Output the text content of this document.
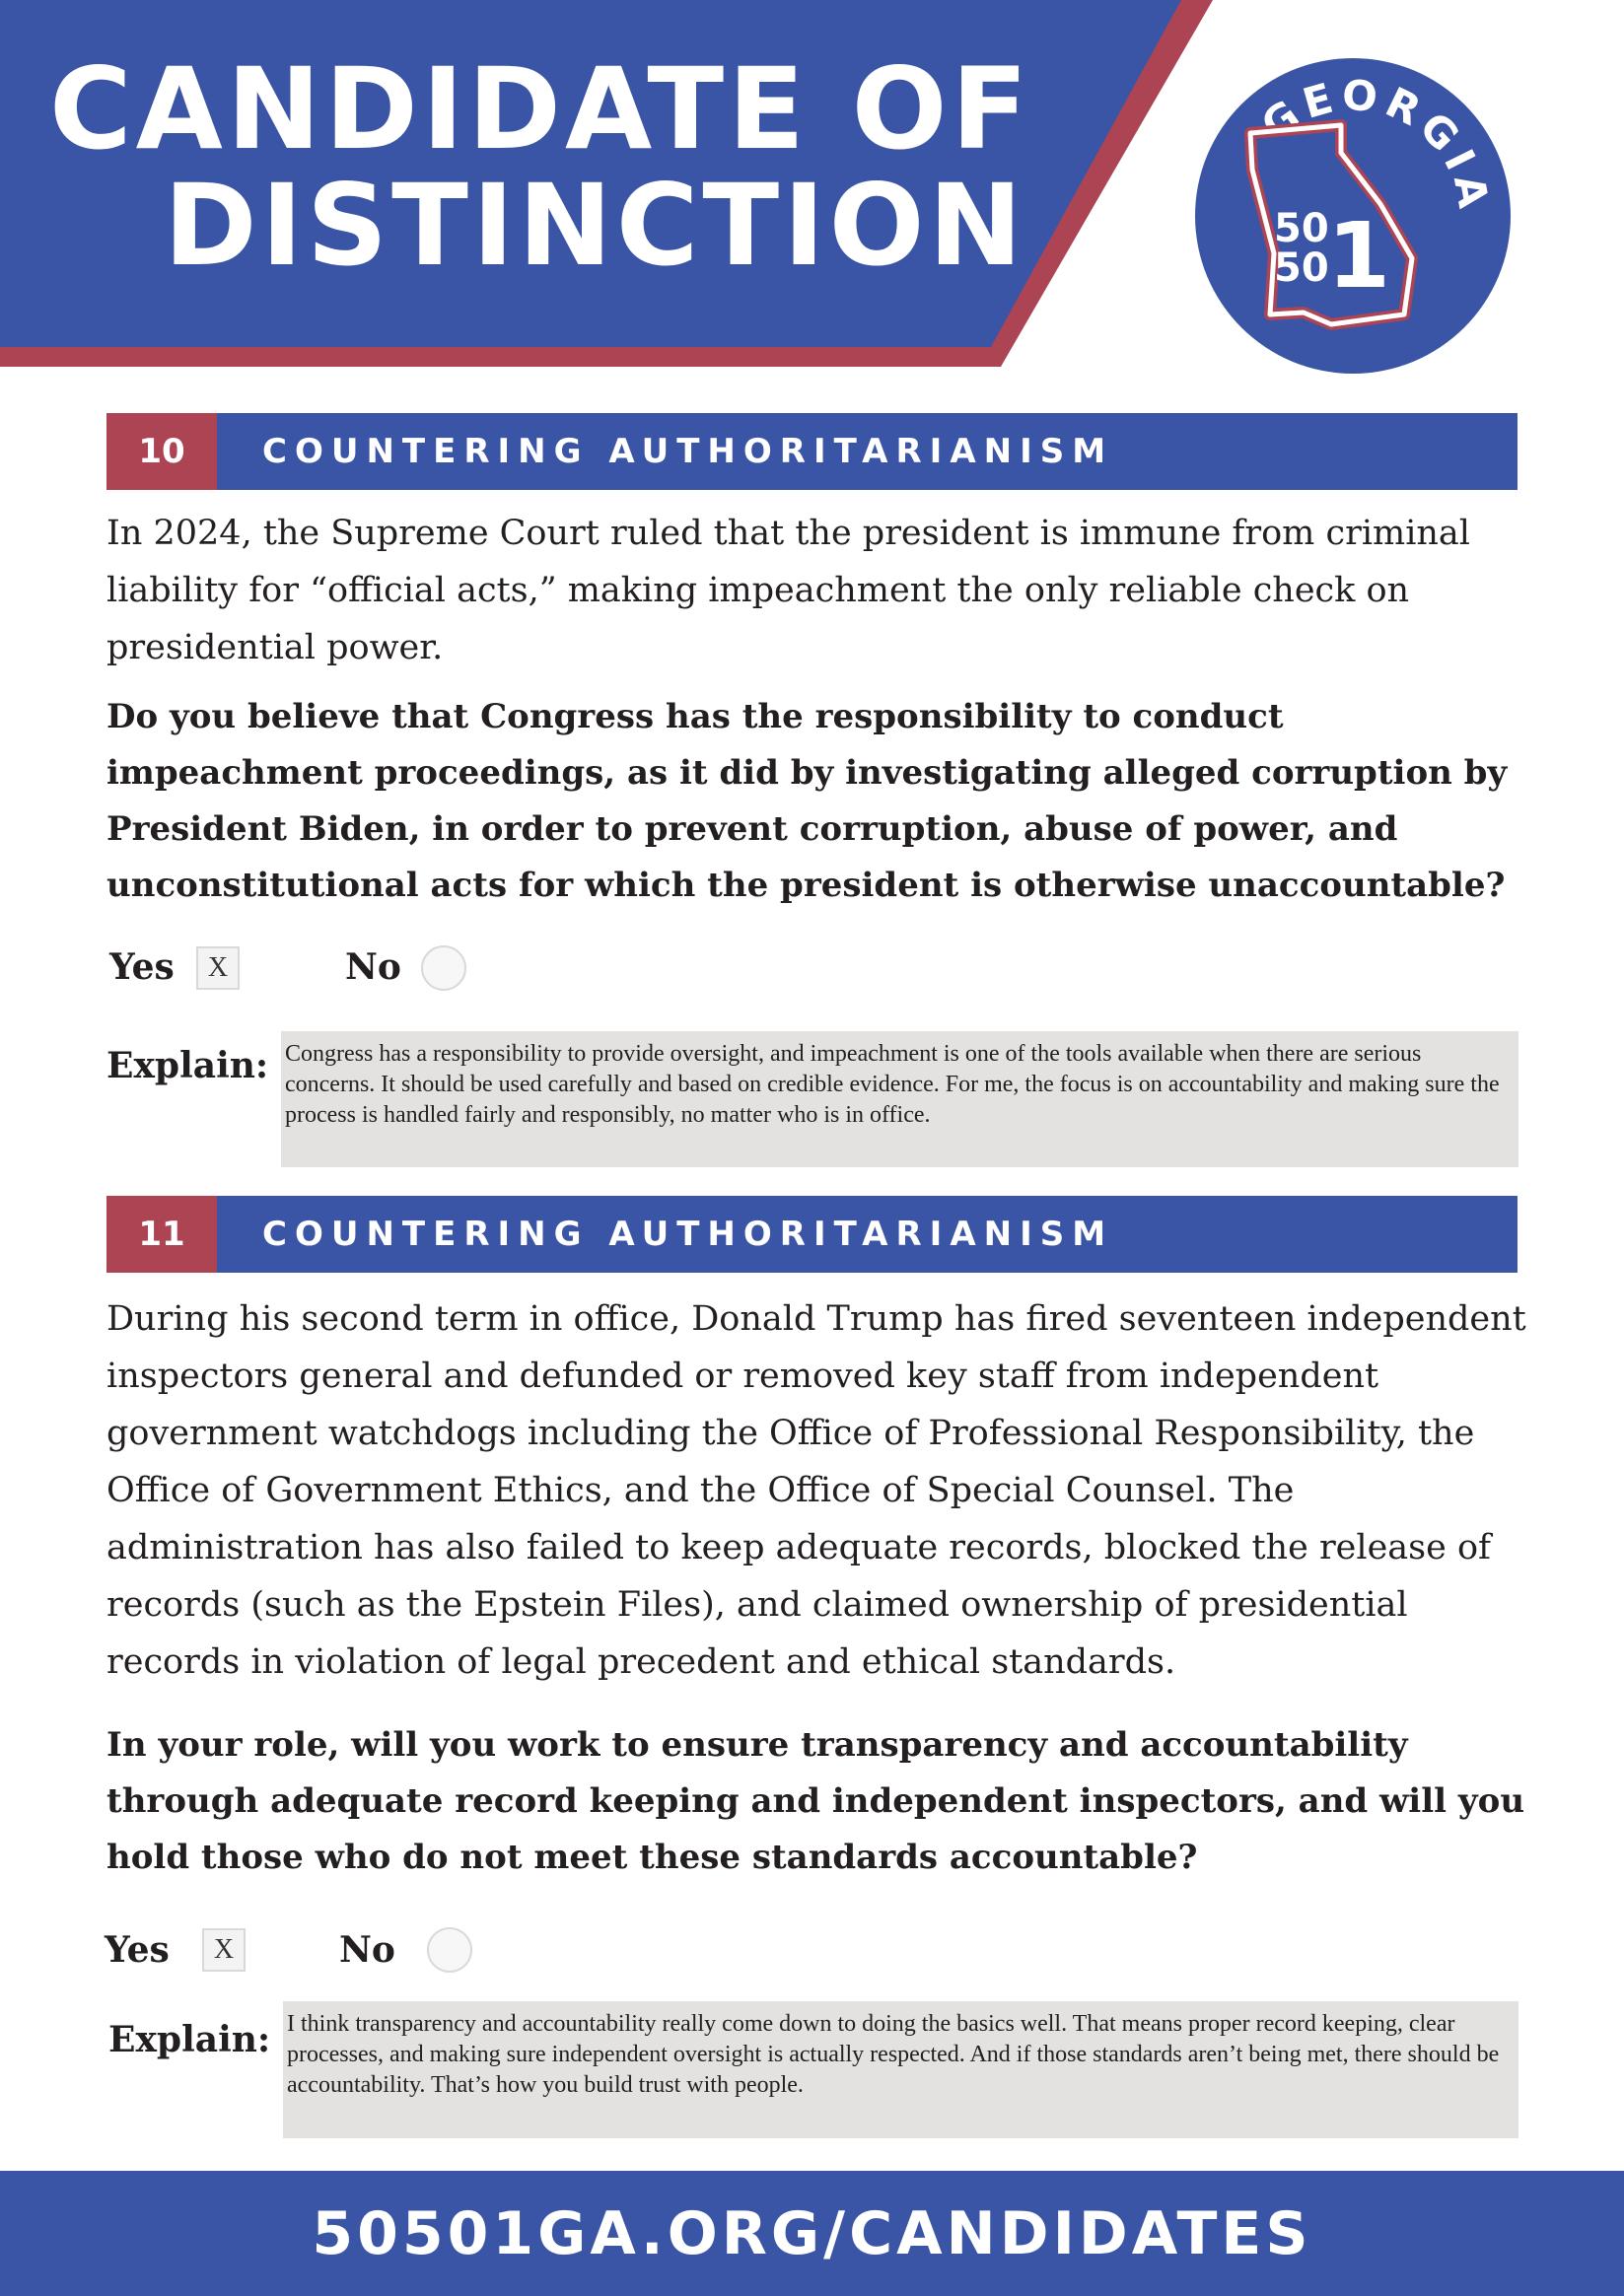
CANDIDATE OF
DISTINCTION
GEORGIA
50
50
1
10	COUNTERING AUTHORITARIANISM
In 2024, the Supreme Court ruled that the president is immune from criminal liability for “official acts,” making impeachment the only reliable check on presidential power.
Do you believe that Congress has the responsibility to conduct impeachment proceedings, as it did by investigating alleged corruption by President Biden, in order to prevent corruption, abuse of power, and unconstitutional acts for which the president is otherwise unaccountable?
Yes	X	No
Explain: Congress has a responsibility to provide oversight, and impeachment is one of the tools available when there are serious concerns. It should be used carefully and based on credible evidence. For me, the focus is on accountability and making sure the process is handled fairly and responsibly, no matter who is in office.
11	COUNTERING AUTHORITARIANISM
During his second term in office, Donald Trump has fired seventeen independent inspectors general and defunded or removed key staff from independent government watchdogs including the Office of Professional Responsibility, the Office of Government Ethics, and the Office of Special Counsel. The administration has also failed to keep adequate records, blocked the release of records (such as the Epstein Files), and claimed ownership of presidential records in violation of legal precedent and ethical standards.
In your role, will you work to ensure transparency and accountability through adequate record keeping and independent inspectors, and will you hold those who do not meet these standards accountable?
Yes	X	No
Explain: I think transparency and accountability really come down to doing the basics well. That means proper record keeping, clear processes, and making sure independent oversight is actually respected. And if those standards aren’t being met, there should be accountability. That’s how you build trust with people.
50501GA.ORG/CANDIDATES
